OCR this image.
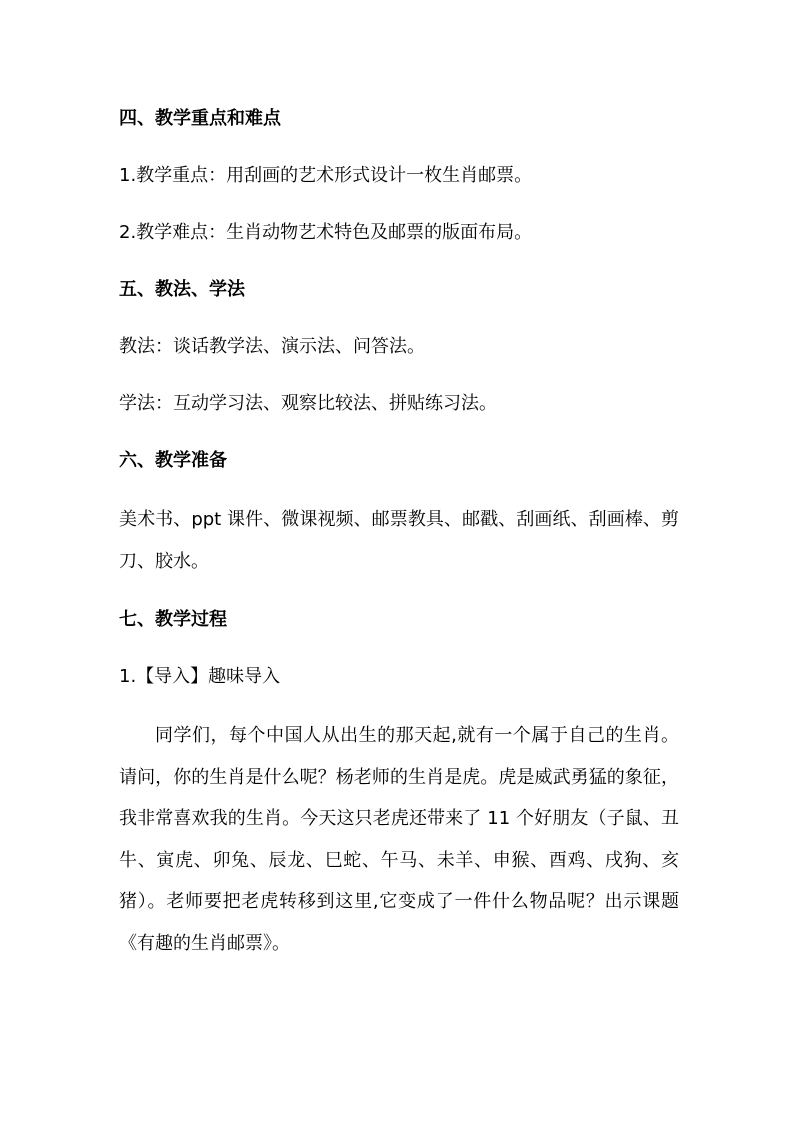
四、教学重点和难点
1.教学重点：用刮画的艺术形式设计一枚生肖邮票。
2.教学难点：生肖动物艺术特色及邮票的版面布局。
五、教法、学法
教法：谈话教学法、演示法、问答法。
学法：互动学习法、观察比较法、拼贴练习法。
六、教学准备

美术书、ppt 课件、微课视频、邮票教具、邮戳、刮画纸、刮画棒、剪刀、胶水。

七、教学过程
1.【导入】趣味导入

同学们，每个中国人从出生的那天起,就有一个属于自己的生肖。请问，你的生肖是什么呢？杨老师的生肖是虎。虎是威武勇猛的象征，我非常喜欢我的生肖。今天这只老虎还带来了 11 个好朋友（子鼠、丑牛、寅虎、卯兔、辰龙、巳蛇、午马、未羊、申猴、酉鸡、戌狗、亥猪）。老师要把老虎转移到这里,它变成了一件什么物品呢？出示课题《有趣的生肖邮票》。
